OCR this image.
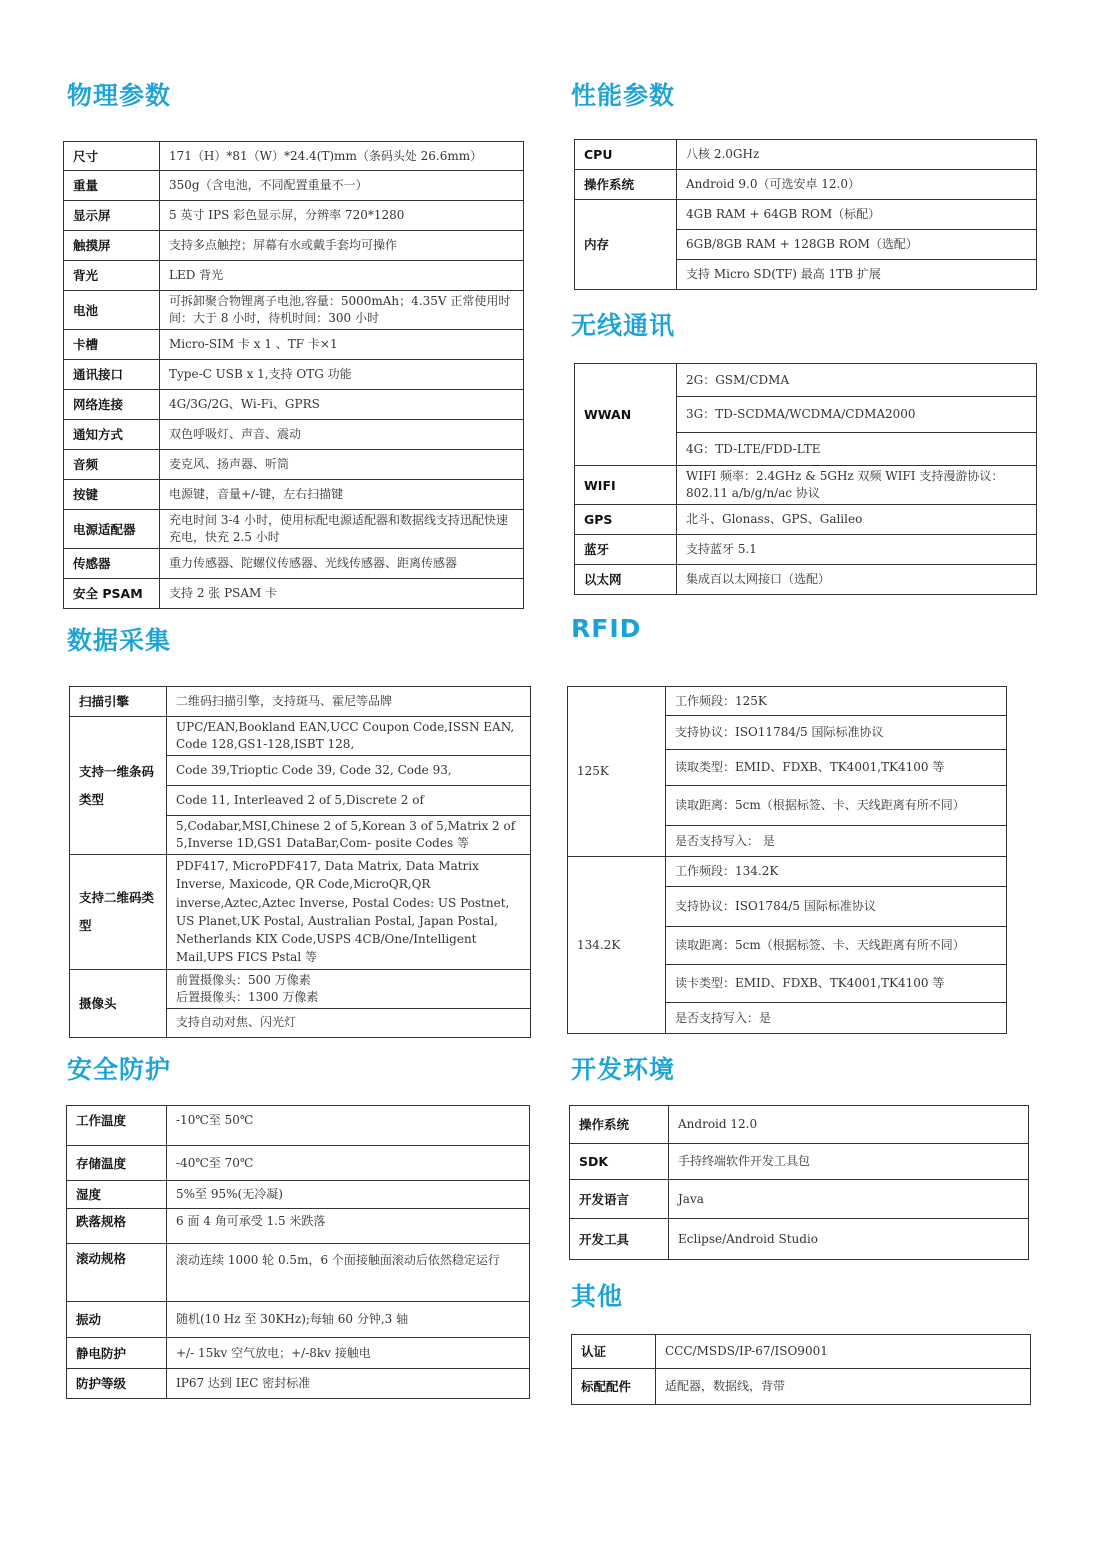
物理参数
尺寸	171（H）*81（W）*24.4(T)mm（条码头处 26.6mm）
重量	350g（含电池，不同配置重量不一）
显示屏	5 英寸 IPS 彩色显示屏，分辨率 720*1280
触摸屏	支持多点触控；屏幕有水或戴手套均可操作
背光	LED 背光
电池	可拆卸聚合物锂离子电池,容量：5000mAh；4.35V 正常使用时间：大于 8 小时，待机时间：300 小时
卡槽	Micro-SIM 卡 x 1 、TF 卡×1
通讯接口	Type-C USB x 1,支持 OTG 功能
网络连接	4G/3G/2G、Wi-Fi、GPRS
通知方式	双色呼吸灯、声音、震动
音频	麦克风、扬声器、听筒
按键	电源键，音量+/-键，左右扫描键
电源适配器	充电时间 3-4 小时，使用标配电源适配器和数据线支持迅配快速充电，快充 2.5 小时
传感器	重力传感器、陀螺仪传感器、光线传感器、距离传感器
安全 PSAM	支持 2 张 PSAM 卡
性能参数
CPU	八核 2.0GHz
操作系统	Android 9.0（可选安卓 12.0）
内存	4GB RAM + 64GB ROM（标配）
	6GB/8GB RAM + 128GB ROM（选配）
	支持 Micro SD(TF) 最高 1TB 扩展
无线通讯
WWAN	2G：GSM/CDMA
	3G：TD-SCDMA/WCDMA/CDMA2000
	4G：TD-LTE/FDD-LTE
WIFI	WIFI 频率：2.4GHz & 5GHz 双频 WIFI 支持漫游协议：802.11 a/b/g/n/ac 协议
GPS	北斗、Glonass、GPS、Galileo
蓝牙	支持蓝牙 5.1
以太网	集成百以太网接口（选配）
数据采集
扫描引擎	二维码扫描引擎，支持斑马、霍尼等品牌
支持一维条码类型	UPC/EAN,Bookland EAN,UCC Coupon Code,ISSN EAN, Code 128,GS1-128,ISBT 128,
	Code 39,Trioptic Code 39, Code 32, Code 93,
	Code 11, Interleaved 2 of 5,Discrete 2 of
	5,Codabar,MSI,Chinese 2 of 5,Korean 3 of 5,Matrix 2 of 5,Inverse 1D,GS1 DataBar,Com- posite Codes 等
支持二维码类型	PDF417, MicroPDF417, Data Matrix, Data Matrix Inverse, Maxicode, QR Code,MicroQR,QR inverse,Aztec,Aztec Inverse, Postal Codes: US Postnet, US Planet,UK Postal, Australian Postal, Japan Postal, Netherlands KIX Code,USPS 4CB/One/Intelligent Mail,UPS FICS Pstal 等
摄像头	前置摄像头：500 万像素
	后置摄像头：1300 万像素
	支持自动对焦、闪光灯
RFID
125K	工作频段：125K
	支持协议：ISO11784/5 国际标准协议
	读取类型：EMID、FDXB、TK4001,TK4100 等
	读取距离：5cm（根据标签、卡、天线距离有所不同）
	是否支持写入： 是
134.2K	工作频段：134.2K
	支持协议：ISO1784/5 国际标准协议
	读取距离：5cm（根据标签、卡、天线距离有所不同）
	读卡类型：EMID、FDXB、TK4001,TK4100 等
	是否支持写入：是
安全防护
工作温度	-10℃至 50℃
存储温度	-40℃至 70℃
湿度	5%至 95%(无冷凝)
跌落规格	6 面 4 角可承受 1.5 米跌落
滚动规格	滚动连续 1000 轮 0.5m，6 个面接触面滚动后依然稳定运行
振动	随机(10 Hz 至 30KHz);每轴 60 分钟,3 轴
静电防护	+/- 15kv 空气放电；+/-8kv 接触电
防护等级	IP67 达到 IEC 密封标准
开发环境
操作系统	Android 12.0
SDK	手持终端软件开发工具包
开发语言	Java
开发工具	Eclipse/Android Studio
其他
认证	CCC/MSDS/IP-67/ISO9001
标配配件	适配器，数据线，背带
